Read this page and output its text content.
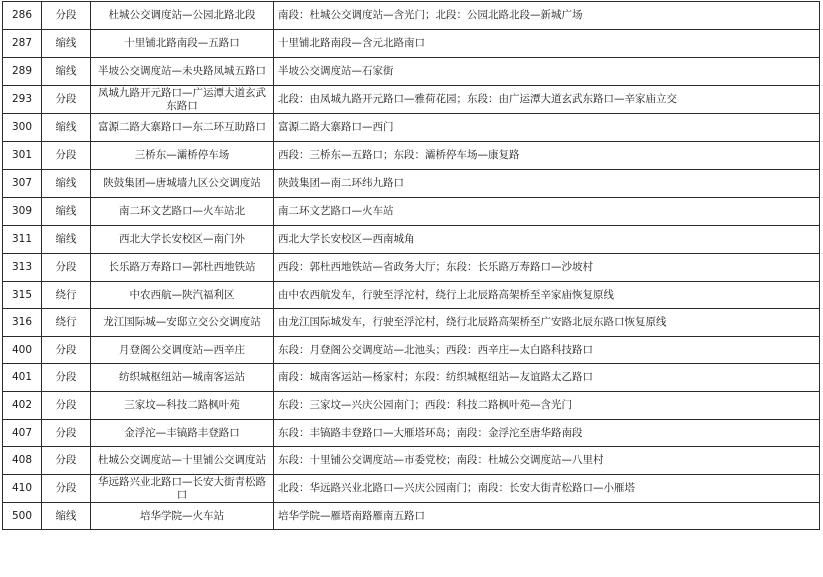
286	分段	杜城公交调度站—公园北路北段	南段：杜城公交调度站—含光门；北段：公园北路北段—新城广场
287	缩线	十里铺北路南段—五路口	十里铺北路南段—含元北路南口
289	缩线	半坡公交调度站—未央路凤城五路口	半坡公交调度站—石家街
293	分段	凤城九路开元路口—广运潭大道玄武东路口	北段：由凤城九路开元路口—雅荷花园；东段：由广运潭大道玄武东路口—辛家庙立交
300	缩线	富源二路大寨路口—东二环互助路口	富源二路大寨路口—西门
301	分段	三桥东—灞桥停车场	西段：三桥东—五路口；东段：灞桥停车场—康复路
307	缩线	陕鼓集团—唐城墙九区公交调度站	陕鼓集团—南二环纬九路口
309	缩线	南二环文艺路口—火车站北	南二环文艺路口—火车站
311	缩线	西北大学长安校区—南门外	西北大学长安校区—西南城角
313	分段	长乐路万寿路口—郭杜西地铁站	西段：郭杜西地铁站—省政务大厅；东段：长乐路万寿路口—沙坡村
315	绕行	中农西航—陕汽福利区	由中农西航发车，行驶至浮沱村，绕行上北辰路高架桥至辛家庙恢复原线
316	绕行	龙江国际城—安邸立交公交调度站	由龙江国际城发车，行驶至浮沱村，绕行北辰路高架桥至广安路北辰东路口恢复原线
400	分段	月登阁公交调度站—西辛庄	东段：月登阁公交调度站—北池头；西段：西辛庄—太白路科技路口
401	分段	纺织城枢纽站—城南客运站	南段：城南客运站—杨家村；东段：纺织城枢纽站—友谊路太乙路口
402	分段	三家坟—科技二路枫叶苑	东段：三家坟—兴庆公园南门；西段：科技二路枫叶苑—含光门
407	分段	金浮沱—丰镐路丰登路口	东段：丰镐路丰登路口—大雁塔环岛；南段：金浮沱至唐华路南段
408	分段	杜城公交调度站—十里铺公交调度站	东段：十里铺公交调度站—市委党校；南段：杜城公交调度站—八里村
410	分段	华远路兴业北路口—长安大街青松路口	北段：华远路兴业北路口—兴庆公园南门；南段：长安大街青松路口—小雁塔
500	缩线	培华学院—火车站	培华学院—雁塔南路雁南五路口
